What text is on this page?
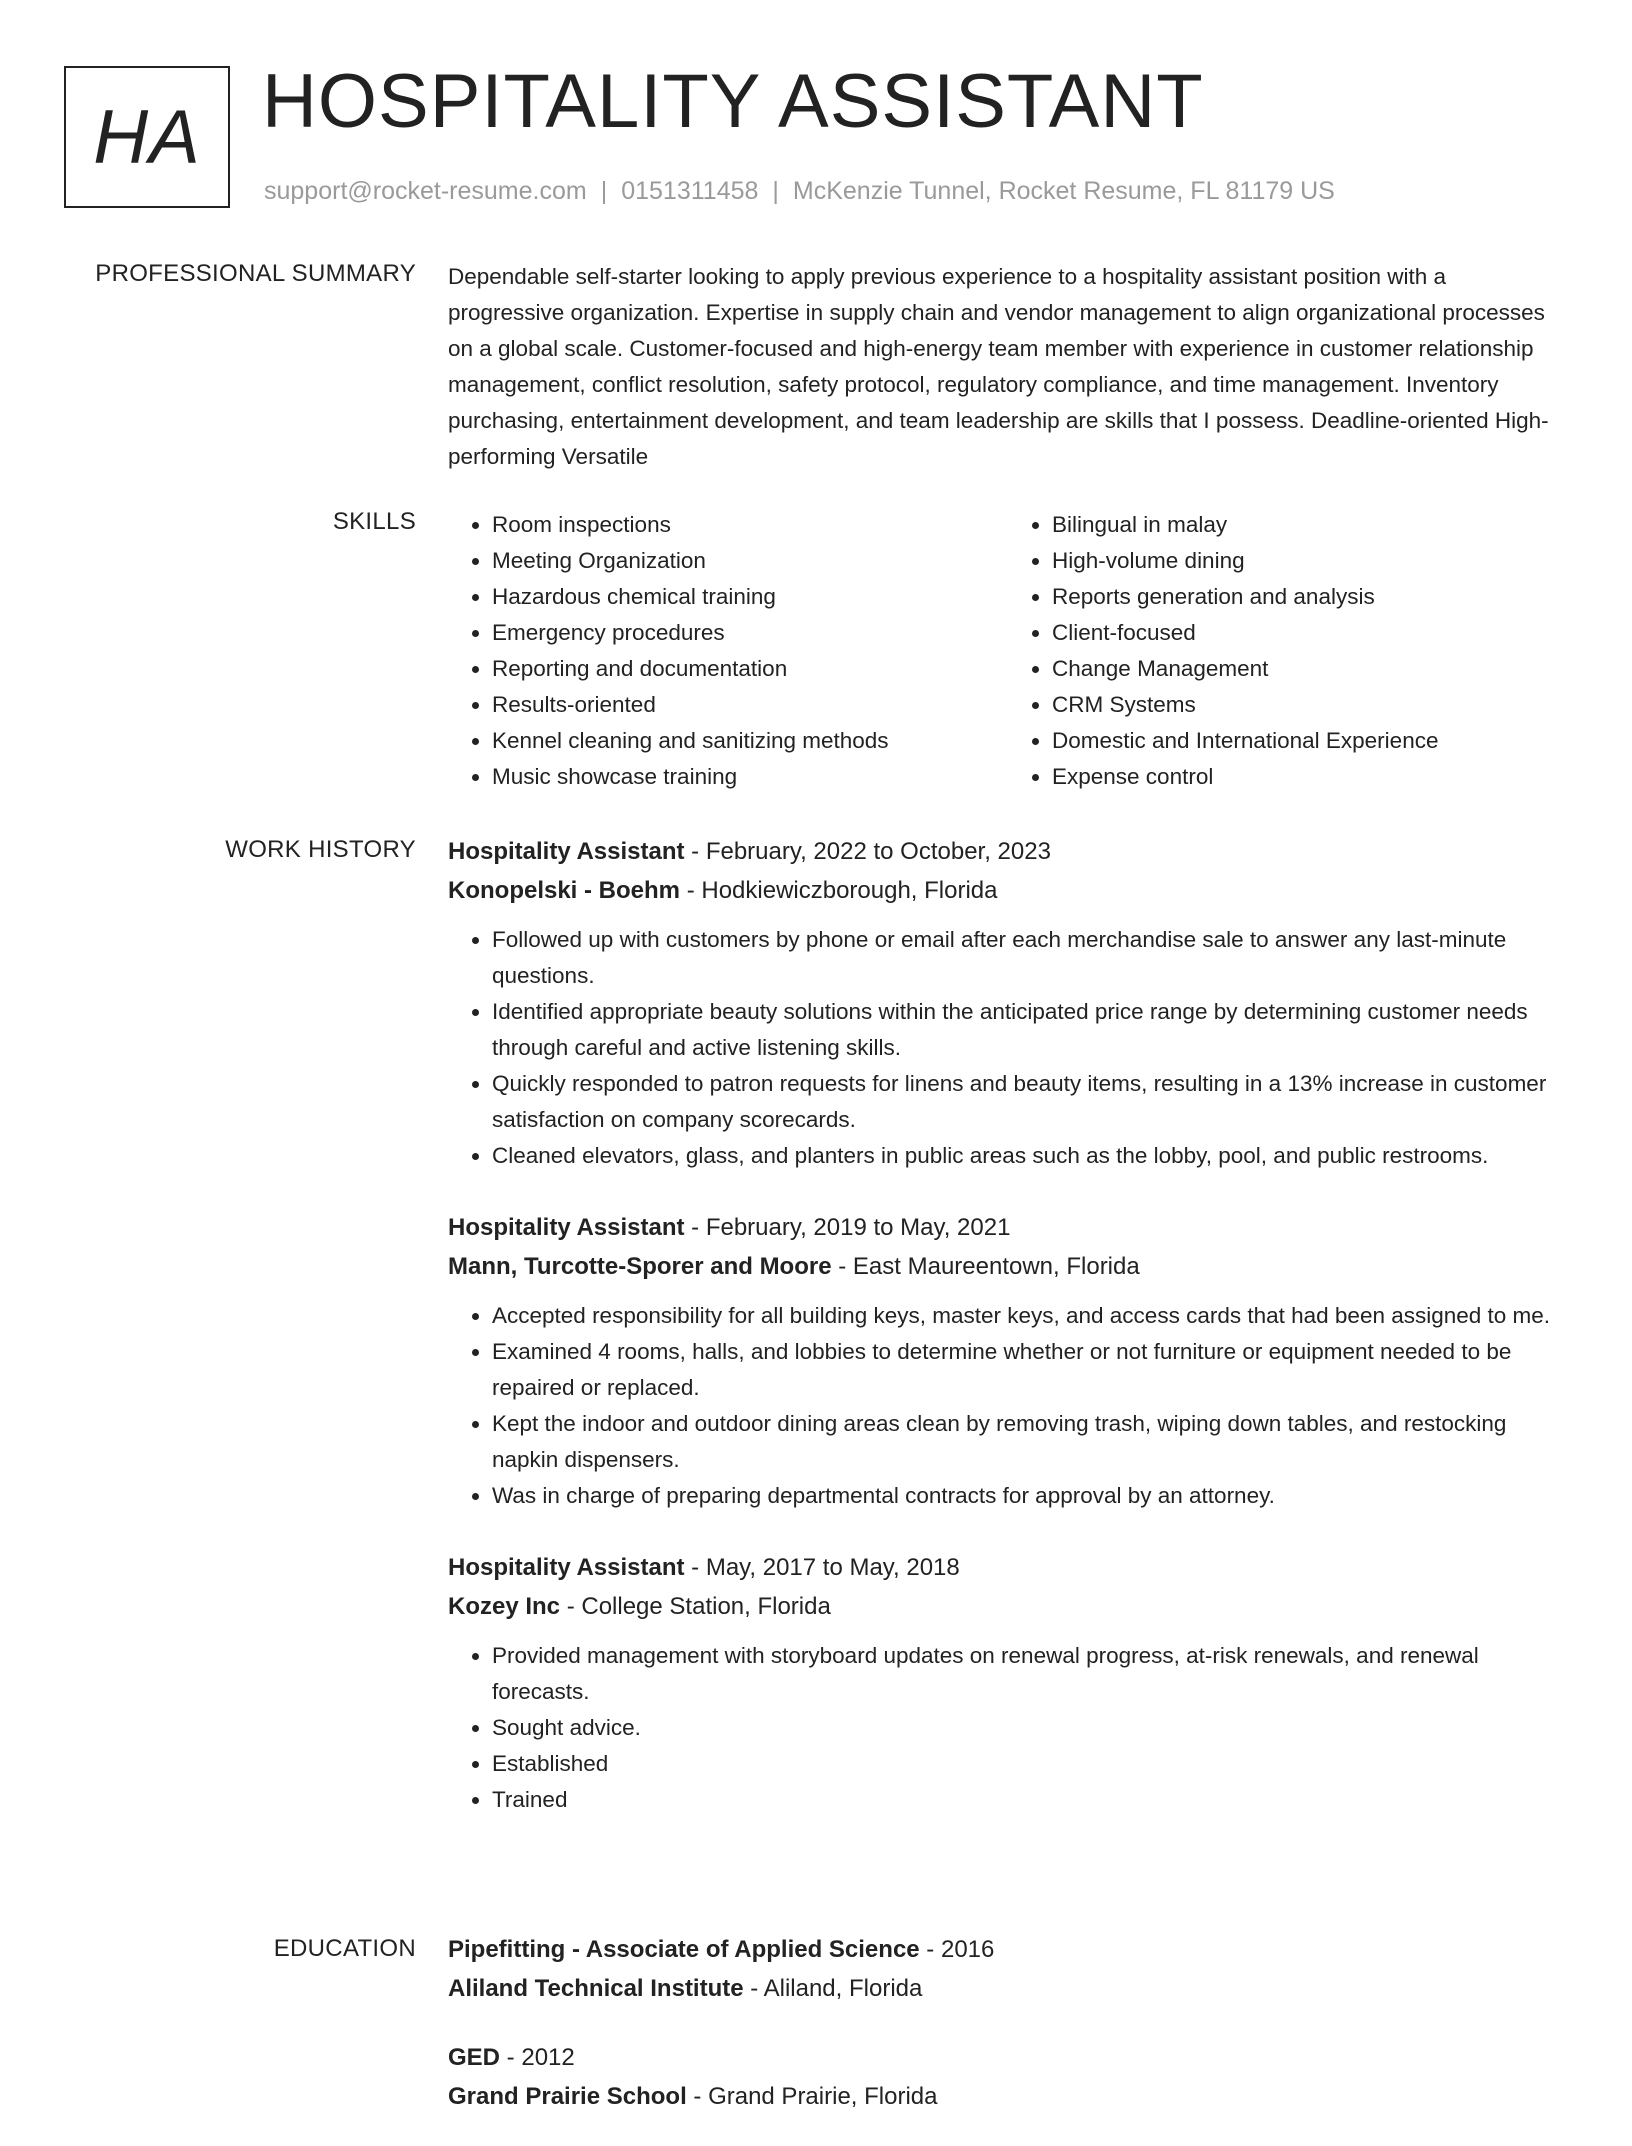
HA HOSPITALITY ASSISTANT
support@rocket-resume.com | 0151311458 | McKenzie Tunnel, Rocket Resume, FL 81179 US
PROFESSIONAL SUMMARY Dependable self-starter looking to apply previous experience to a hospitality assistant position with a progressive organization. Expertise in supply chain and vendor management to align organizational processes on a global scale. Customer-focused and high-energy team member with experience in customer relationship management, conflict resolution, safety protocol, regulatory compliance, and time management. Inventory purchasing, entertainment development, and team leadership are skills that I possess. Deadline-oriented High-performing Versatile

SKILLS
•	Room inspections
• Meeting Organization
• Hazardous chemical training
• Emergency procedures
• Reporting and documentation
• Results-oriented
• Kennel cleaning and sanitizing methods
• Music showcase training
• Bilingual in malay
• High-volume dining
• Reports generation and analysis
• Client-focused
• Change Management
• CRM Systems
• Domestic and International Experience
• Expense control
WORK HISTORY Hospitality Assistant - February, 2022 to October, 2023
Konopelski - Boehm - Hodkiewiczborough, Florida
• Followed up with customers by phone or email after each merchandise sale to answer any last-minute questions.
• Identified appropriate beauty solutions within the anticipated price range by determining customer needs through careful and active listening skills.
• Quickly responded to patron requests for linens and beauty items, resulting in a 13% increase in customer satisfaction on company scorecards.
• Cleaned elevators, glass, and planters in public areas such as the lobby, pool, and public restrooms.
Hospitality Assistant - February, 2019 to May, 2021
Mann, Turcotte-Sporer and Moore - East Maureentown, Florida
• Accepted responsibility for all building keys, master keys, and access cards that had been assigned to me.
• Examined 4 rooms, halls, and lobbies to determine whether or not furniture or equipment needed to be repaired or replaced.
• Kept the indoor and outdoor dining areas clean by removing trash, wiping down tables, and restocking napkin dispensers.
• Was in charge of preparing departmental contracts for approval by an attorney.
Hospitality Assistant - May, 2017 to May, 2018
Kozey Inc - College Station, Florida
• Provided management with storyboard updates on renewal progress, at-risk renewals, and renewal forecasts.
• Sought advice.
• Established
• Trained
EDUCATION Pipefitting - Associate of Applied Science - 2016
Aliland Technical Institute - Aliland, Florida
GED - 2012
Grand Prairie School - Grand Prairie, Florida
